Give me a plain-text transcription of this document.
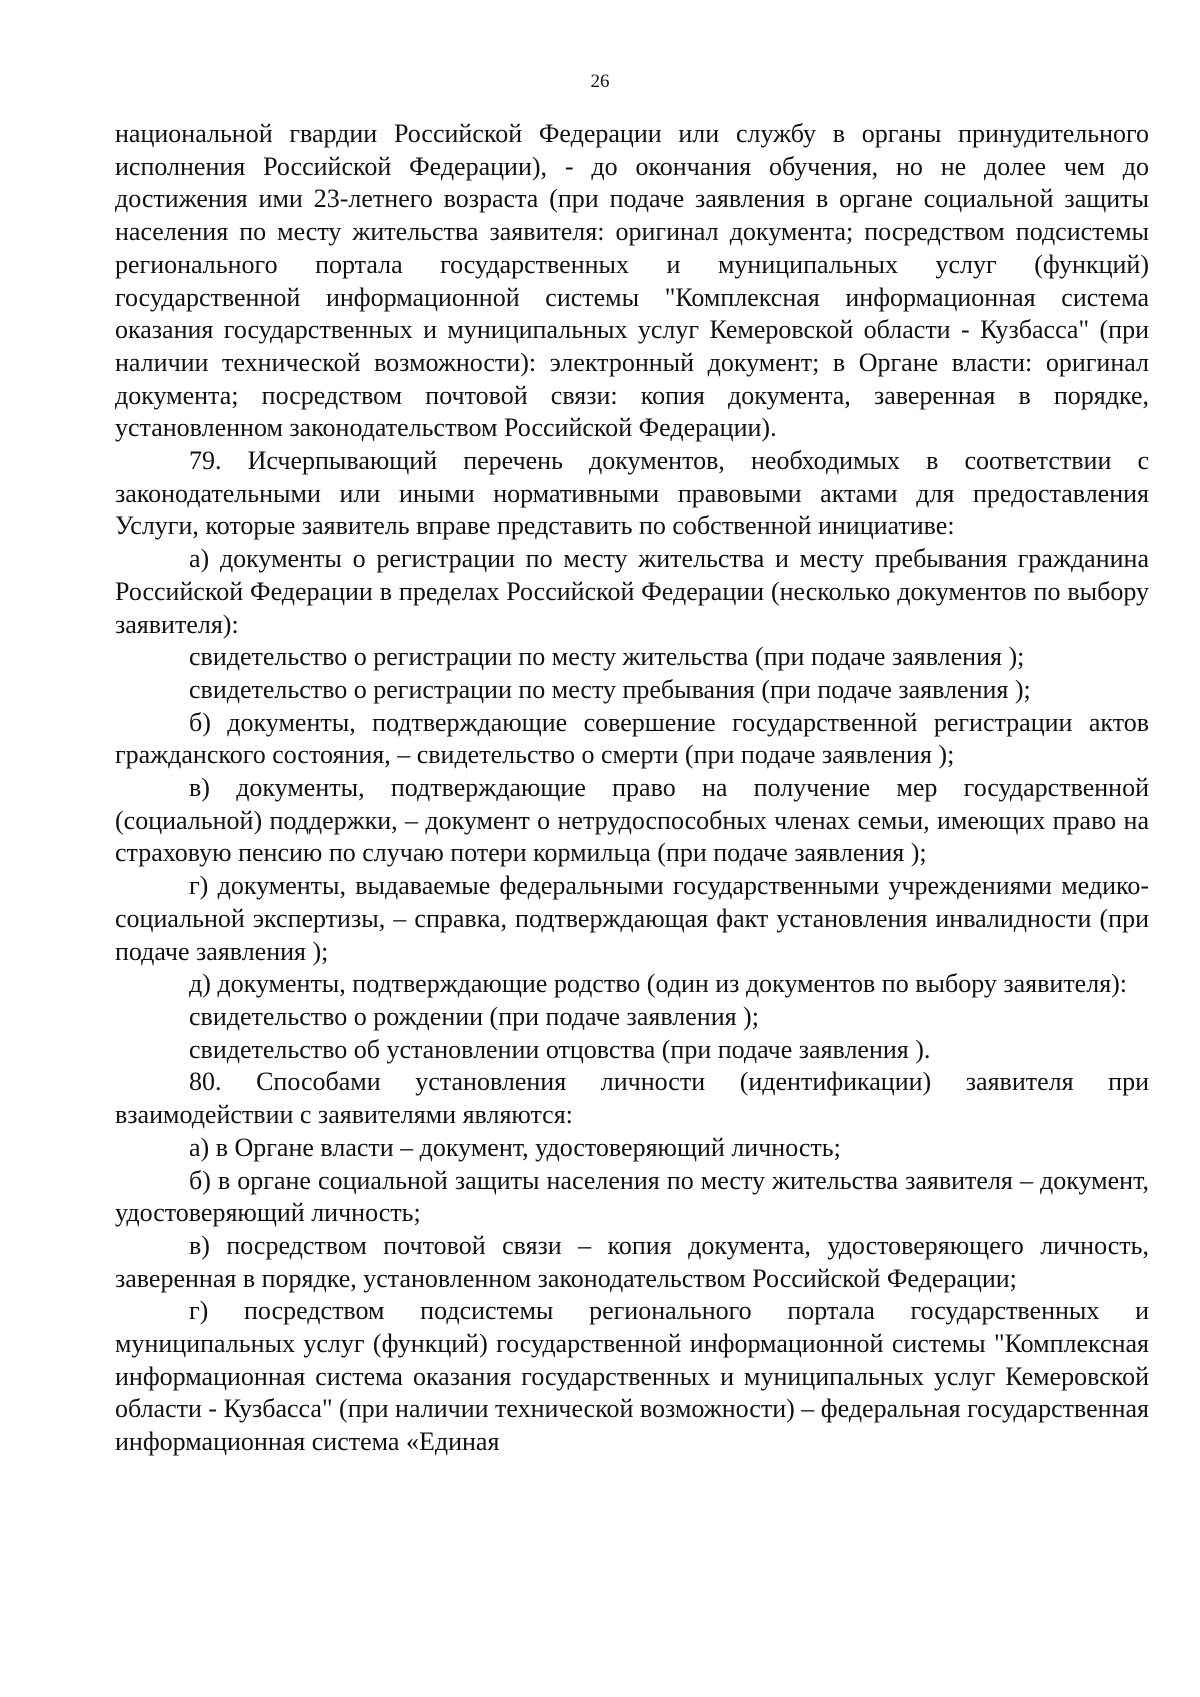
26

национальной гвардии Российской Федерации или службу в органы принудительного исполнения Российской Федерации), - до окончания обучения, но не долее чем до достижения ими 23-летнего возраста (при подаче заявления в органе социальной защиты населения по месту жительства заявителя: оригинал документа; посредством подсистемы регионального портала государственных и муниципальных услуг (функций) государственной информационной системы "Комплексная информационная система оказания государственных и муниципальных услуг Кемеровской области - Кузбасса" (при наличии технической возможности): электронный документ; в Органе власти: оригинал документа; посредством почтовой связи: копия документа, заверенная в порядке, установленном законодательством Российской Федерации).

79. Исчерпывающий перечень документов, необходимых в соответствии с законодательными или иными нормативными правовыми актами для предоставления Услуги, которые заявитель вправе представить по собственной инициативе:

а) документы о регистрации по месту жительства и месту пребывания гражданина Российской Федерации в пределах Российской Федерации (несколько документов по выбору заявителя):

свидетельство о регистрации по месту жительства (при подаче заявления );

свидетельство о регистрации по месту пребывания (при подаче заявления );

б) документы, подтверждающие совершение государственной регистрации актов гражданского состояния, – свидетельство о смерти (при подаче заявления );

в) документы, подтверждающие право на получение мер государственной (социальной) поддержки, – документ о нетрудоспособных членах семьи, имеющих право на страховую пенсию по случаю потери кормильца (при подаче заявления );

г) документы, выдаваемые федеральными государственными учреждениями медико-социальной экспертизы, – справка, подтверждающая факт установления инвалидности (при подаче заявления );

д) документы, подтверждающие родство (один из документов по выбору заявителя):

свидетельство о рождении (при подаче заявления );

свидетельство об установлении отцовства (при подаче заявления ).

80. Способами установления личности (идентификации) заявителя при взаимодействии с заявителями являются:

а) в Органе власти – документ, удостоверяющий личность;

б) в органе социальной защиты населения по месту жительства заявителя – документ, удостоверяющий личность;

в) посредством почтовой связи – копия документа, удостоверяющего личность, заверенная в порядке, установленном законодательством Российской Федерации;

г) посредством подсистемы регионального портала государственных и муниципальных услуг (функций) государственной информационной системы "Комплексная информационная система оказания государственных и муниципальных услуг Кемеровской области - Кузбасса" (при наличии технической возможности) – федеральная государственная информационная система «Единая
